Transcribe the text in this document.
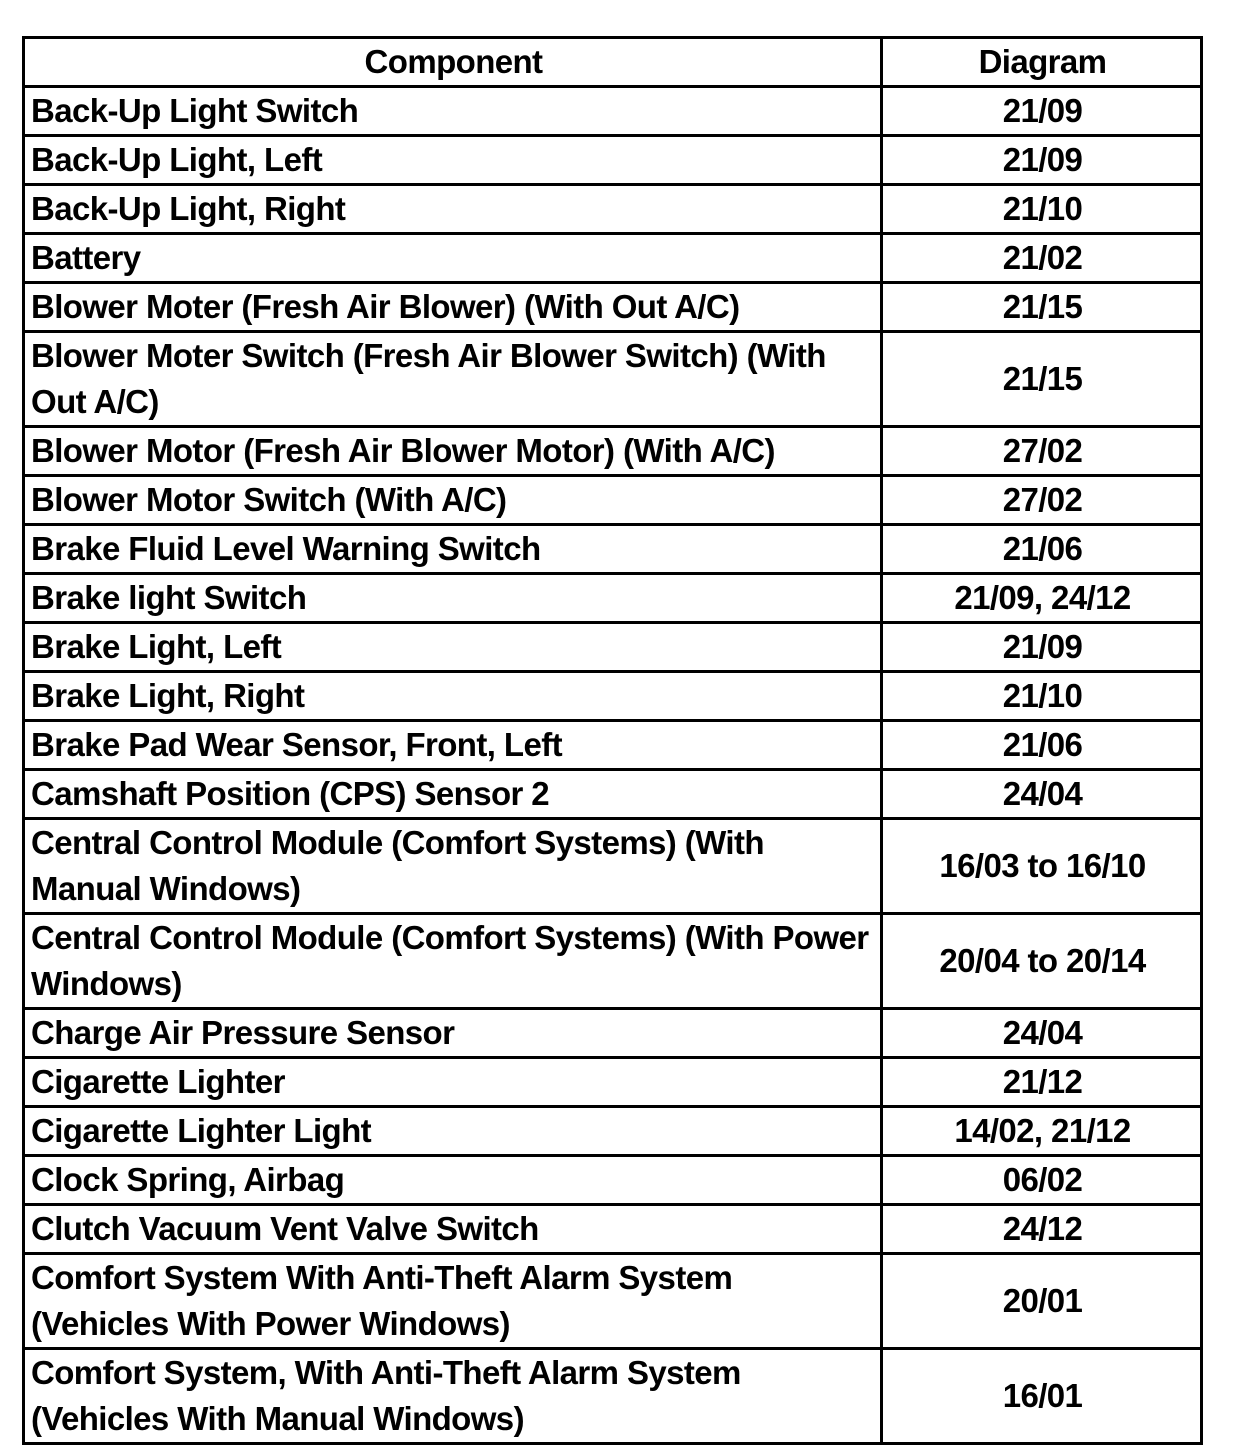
Component	Diagram
Back-Up Light Switch	21/09
Back-Up Light, Left	21/09
Back-Up Light, Right	21/10
Battery	21/02
Blower Moter (Fresh Air Blower) (With Out A/C)	21/15
Blower Moter Switch (Fresh Air Blower Switch) (With Out A/C)	21/15
Blower Motor (Fresh Air Blower Motor) (With A/C)	27/02
Blower Motor Switch (With A/C)	27/02
Brake Fluid Level Warning Switch	21/06
Brake light Switch	21/09, 24/12
Brake Light, Left	21/09
Brake Light, Right	21/10
Brake Pad Wear Sensor, Front, Left	21/06
Camshaft Position (CPS) Sensor 2	24/04
Central Control Module (Comfort Systems) (With Manual Windows)	16/03 to 16/10
Central Control Module (Comfort Systems) (With Power Windows)	20/04 to 20/14
Charge Air Pressure Sensor	24/04
Cigarette Lighter	21/12
Cigarette Lighter Light	14/02, 21/12
Clock Spring, Airbag	06/02
Clutch Vacuum Vent Valve Switch	24/12
Comfort System With Anti-Theft Alarm System (Vehicles With Power Windows)	20/01
Comfort System, With Anti-Theft Alarm System (Vehicles With Manual Windows)	16/01
